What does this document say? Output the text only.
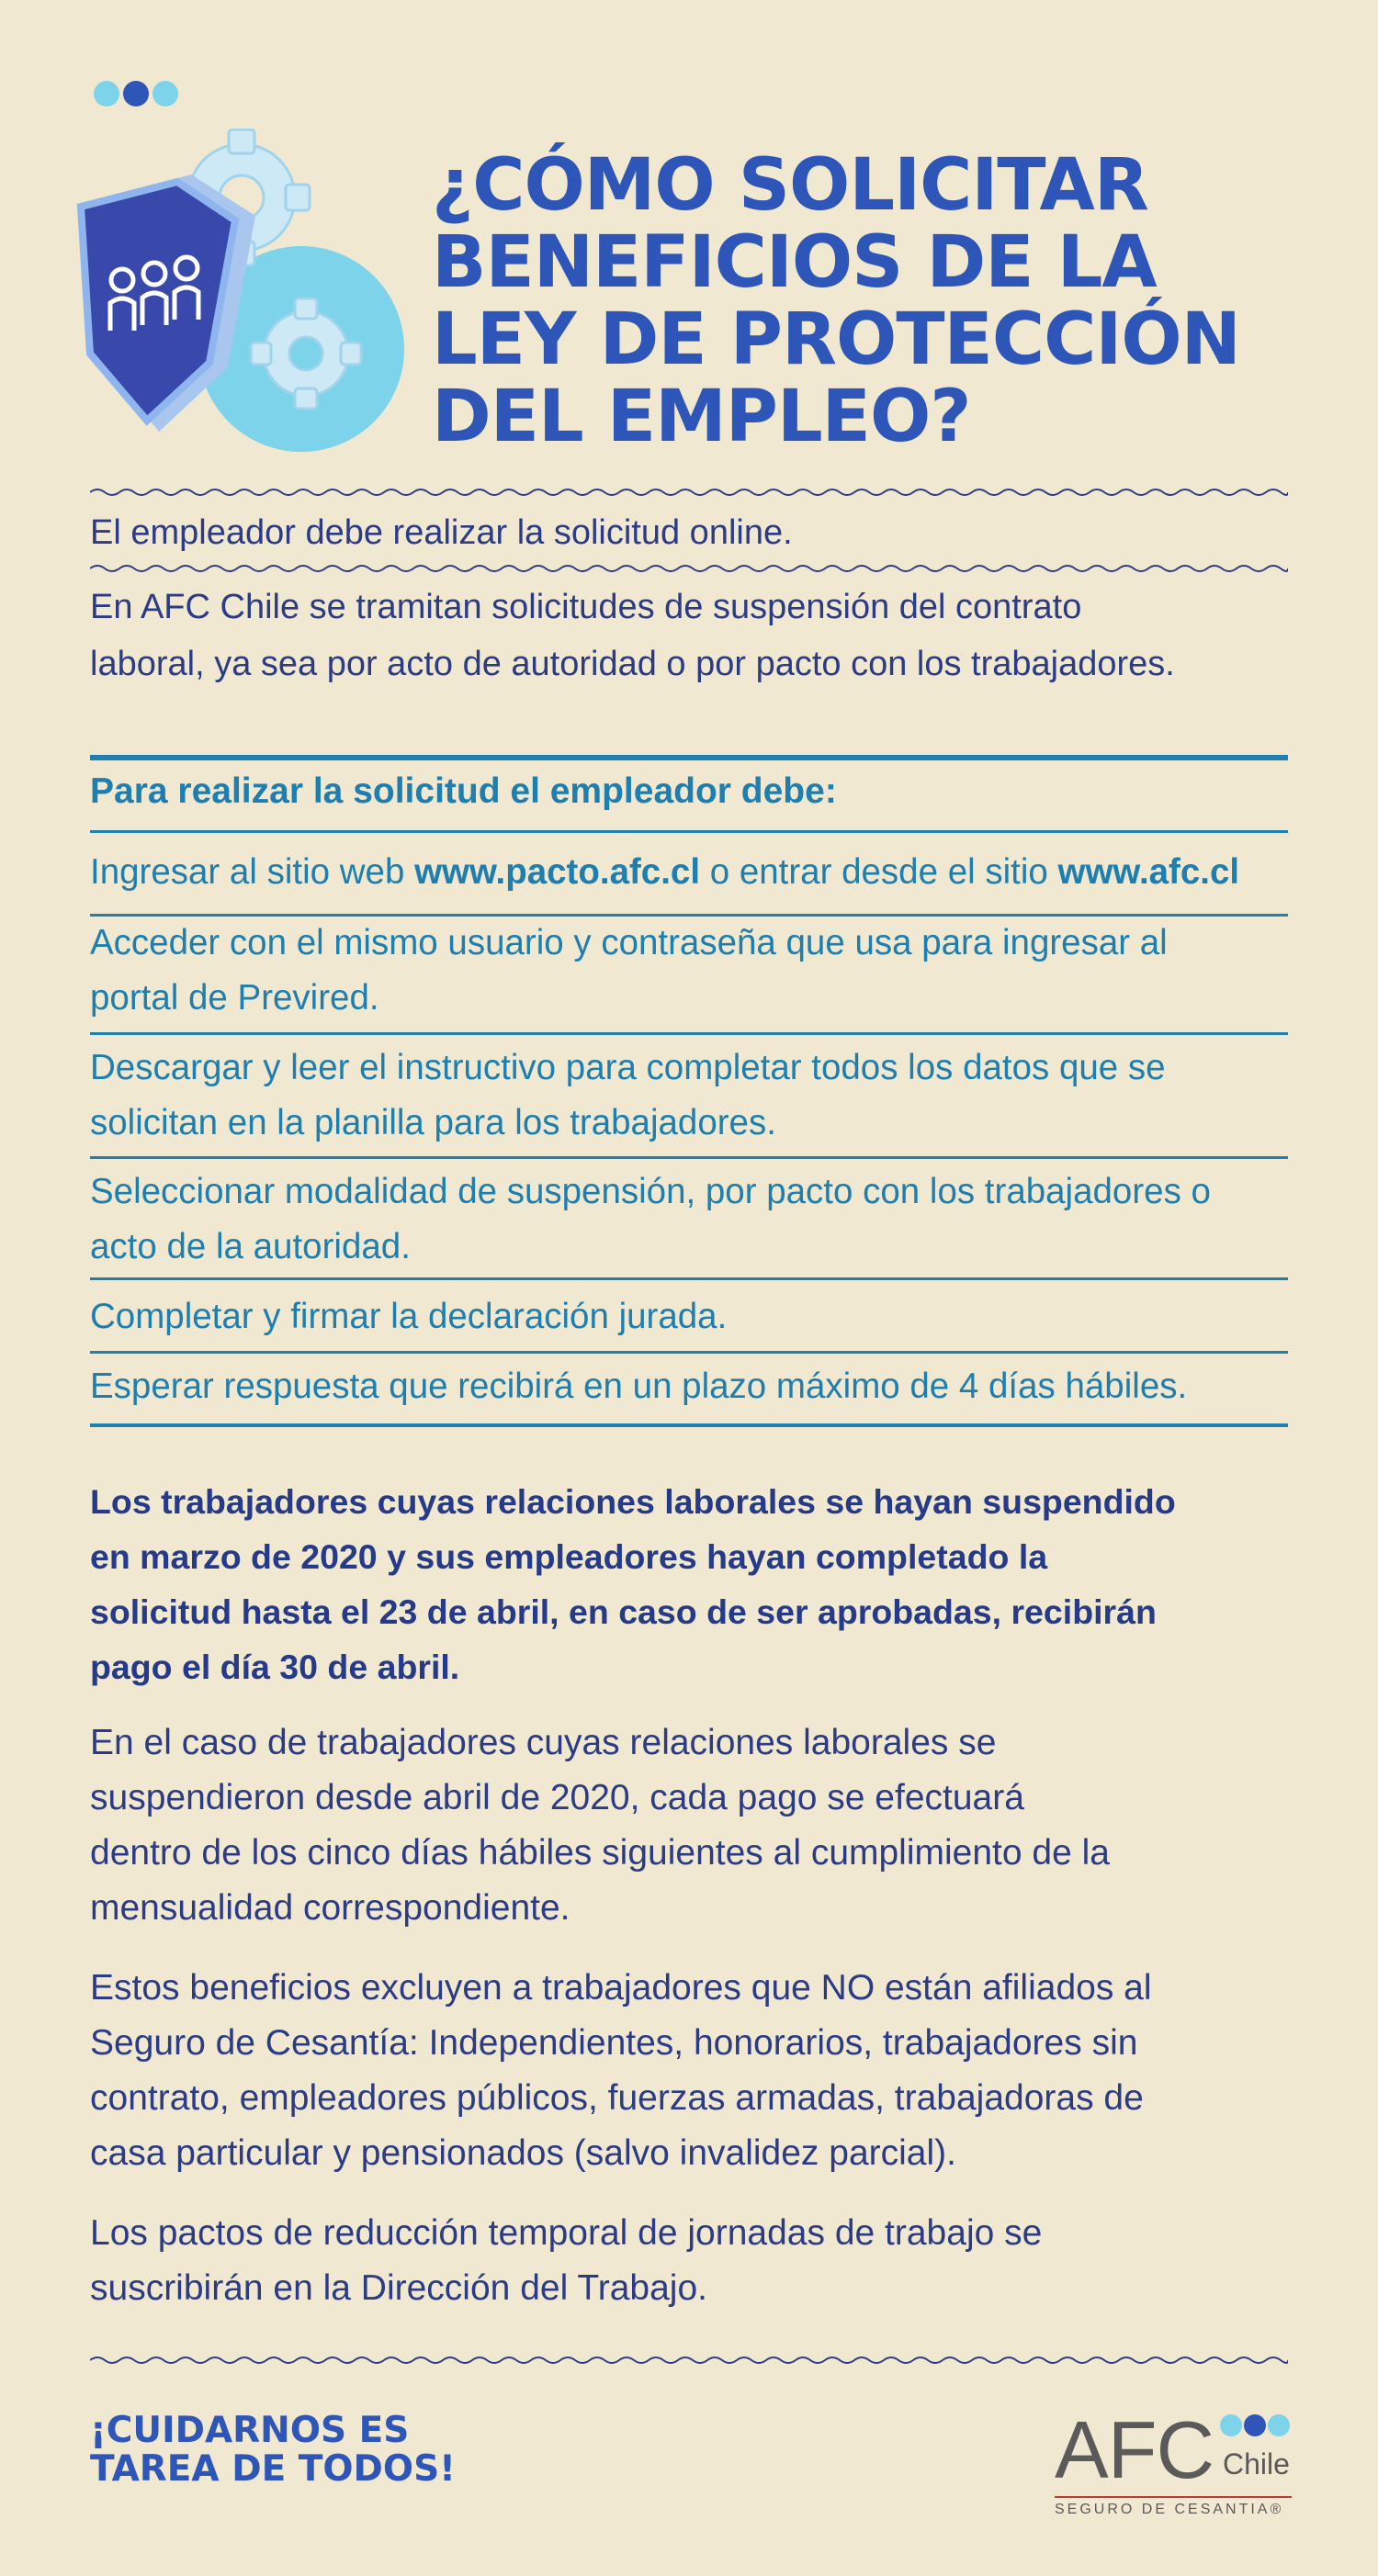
¿CÓMO SOLICITAR
BENEFICIOS DE LA
LEY DE PROTECCIÓN
DEL EMPLEO?

El empleador debe realizar la solicitud online.

En AFC Chile se tramitan solicitudes de suspensión del contrato
laboral, ya sea por acto de autoridad o por pacto con los trabajadores.

Para realizar la solicitud el empleador debe:

Ingresar al sitio web www.pacto.afc.cl o entrar desde el sitio www.afc.cl

Acceder con el mismo usuario y contraseña que usa para ingresar al
portal de Previred.

Descargar y leer el instructivo para completar todos los datos que se
solicitan en la planilla para los trabajadores.

Seleccionar modalidad de suspensión, por pacto con los trabajadores o
acto de la autoridad.

Completar y firmar la declaración jurada.

Esperar respuesta que recibirá en un plazo máximo de 4 días hábiles.

Los trabajadores cuyas relaciones laborales se hayan suspendido
en marzo de 2020 y sus empleadores hayan completado la
solicitud hasta el 23 de abril, en caso de ser aprobadas, recibirán
pago el día 30 de abril.

En el caso de trabajadores cuyas relaciones laborales se
suspendieron desde abril de 2020, cada pago se efectuará
dentro de los cinco días hábiles siguientes al cumplimiento de la
mensualidad correspondiente.

Estos beneficios excluyen a trabajadores que NO están afiliados al
Seguro de Cesantía: Independientes, honorarios, trabajadores sin
contrato, empleadores públicos, fuerzas armadas, trabajadoras de
casa particular y pensionados (salvo invalidez parcial).

Los pactos de reducción temporal de jornadas de trabajo se
suscribirán en la Dirección del Trabajo.

¡CUIDARNOS ES
TAREA DE TODOS!	AFC Chile
SEGURO DE CESANTIA®
